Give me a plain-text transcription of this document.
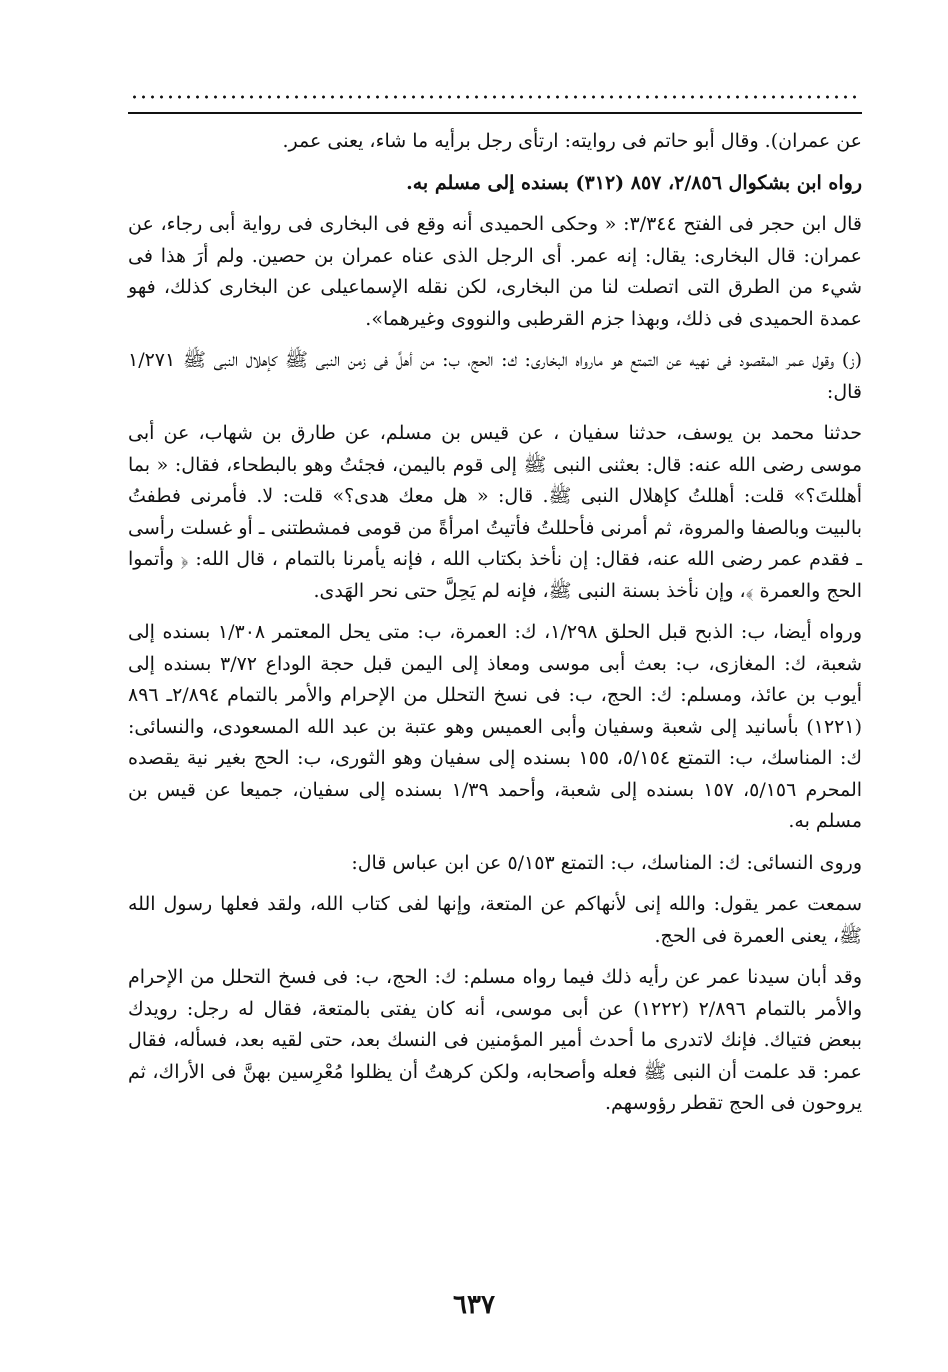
عن عمران). وقال أبو حاتم فى روايته: ارتأى رجل برأيه ما شاء، يعنى عمر.

رواه ابن بشكوال ٢/٨٥٦، ٨٥٧ (٣١٢) بسنده إلى مسلم به.

قال ابن حجر فى الفتح ٣/٣٤٤: « وحكى الحميدى أنه وقع فى البخارى فى رواية أبى رجاء، عن عمران: قال البخارى: يقال: إنه عمر. أى الرجل الذى عناه عمران بن حصين. ولم أرَ هذا فى شيء من الطرق التى اتصلت لنا من البخارى، لكن نقله الإسماعيلى عن البخارى كذلك، فهو عمدة الحميدى فى ذلك، وبهذا جزم القرطبى والنووى وغيرهما».

(ز) وقول عمر المقصود فى نهيه عن التمتع هو مارواه البخارى: ك: الحج، ب: من أهلَّ فى زمن النبى ﷺ كإهلال النبى ﷺ ١/٢٧١ قال:

حدثنا محمد بن يوسف، حدثنا سفيان ، عن قيس بن مسلم، عن طارق بن شهاب، عن أبى موسى رضى الله عنه: قال: بعثنى النبى ﷺ إلى قوم باليمن، فجئتُ وهو بالبطحاء، فقال: « بما أهللتَ؟» قلت: أهللتُ كإهلال النبى ﷺ. قال: « هل معك هدى؟» قلت: لا. فأمرنى فطفتُ بالبيت وبالصفا والمروة، ثم أمرنى فأحللتُ فأتيتُ امرأةً من قومى فمشطتنى ـ أو غسلت رأسى ـ فقدم عمر رضى الله عنه، فقال: إن نأخذ بكتاب الله ، فإنه يأمرنا بالتمام ، قال الله: ﴿ وأتموا الحج والعمرة ﴾، وإن نأخذ بسنة النبى ﷺ، فإنه لم يَحِلَّ حتى نحر الهَدى.

ورواه أيضا، ب: الذبح قبل الحلق ١/٢٩٨، ك: العمرة، ب: متى يحل المعتمر ١/٣٠٨ بسنده إلى شعبة، ك: المغازى، ب: بعث أبى موسى ومعاذ إلى اليمن قبل حجة الوداع ٣/٧٢ بسنده إلى أيوب بن عائذ، ومسلم: ك: الحج، ب: فى نسخ التحلل من الإحرام والأمر بالتمام ٢/٨٩٤ـ ٨٩٦ (١٢٢١) بأسانيد إلى شعبة وسفيان وأبى العميس وهو عتبة بن عبد الله المسعودى، والنسائى: ك: المناسك، ب: التمتع ٥/١٥٤، ١٥٥ بسنده إلى سفيان وهو الثورى، ب: الحج بغير نية يقصده المحرم ٥/١٥٦، ١٥٧ بسنده إلى شعبة، وأحمد ١/٣٩ بسنده إلى سفيان، جميعا عن قيس بن مسلم به.

وروى النسائى: ك: المناسك، ب: التمتع ٥/١٥٣ عن ابن عباس قال:

سمعت عمر يقول: والله إنى لأنهاكم عن المتعة، وإنها لفى كتاب الله، ولقد فعلها رسول الله ﷺ، يعنى العمرة فى الحج.

وقد أبان سيدنا عمر عن رأيه ذلك فيما رواه مسلم: ك: الحج، ب: فى فسخ التحلل من الإحرام والأمر بالتمام ٢/٨٩٦ (١٢٢٢) عن أبى موسى، أنه كان يفتى بالمتعة، فقال له رجل: رويدك ببعض فتياك. فإنك لاتدرى ما أحدث أمير المؤمنين فى النسك بعد، حتى لقيه بعد، فسأله، فقال عمر: قد علمت أن النبى ﷺ فعله وأصحابه، ولكن كرهتُ أن يظلوا مُعْرِسين بهنَّ فى الأراك، ثم يروحون فى الحج تقطر رؤوسهم.

٦٣٧
